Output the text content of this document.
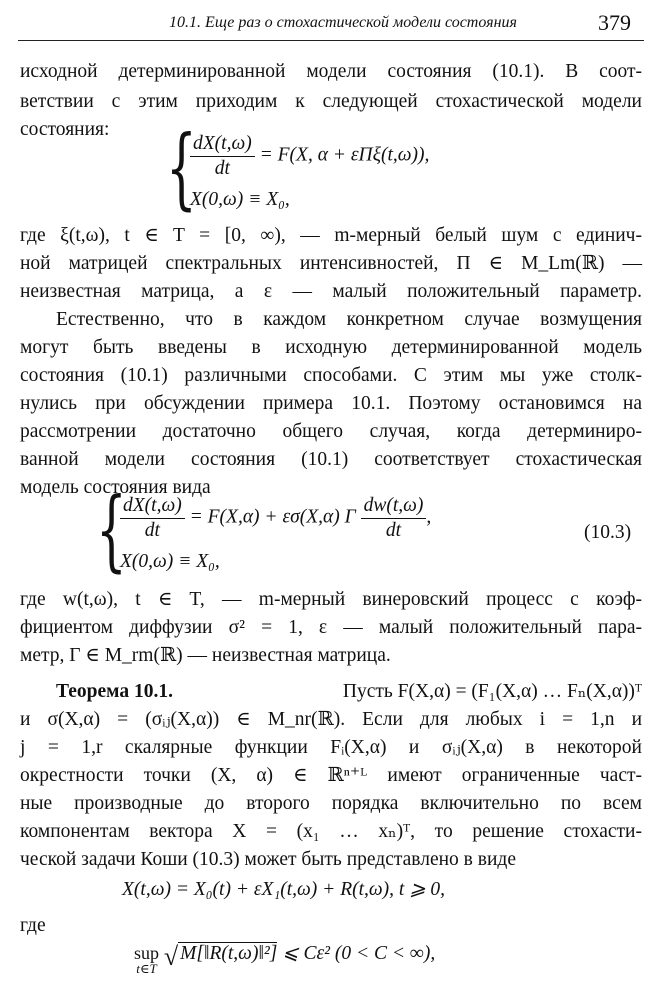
10.1. Еще раз о стохастической модели состояния	379
исходной детерминированной модели состояния (10.1). В соот-
ветствии с этим приходим к следующей стохастической модели
состояния: {
$\frac{dX(t,\omega)}{dt} = F(X$, α + εΠξ(t,ω)),
X(0,ω) ≡ X₀,
где ξ(t,ω), t ∈ T = [0, ∞), — m-мерный белый шум с единич-
ной матрицей спектральных интенсивностей, Π ∈ M_Lm(ℝ) —
неизвестная матрица, а ε — малый положительный параметр.
Естественно, что в каждом конкретном случае возмущения
могут быть введены в исходную детерминированной модель
состояния (10.1) различными способами. С этим мы уже столк-
нулись при обсуждении примера 10.1. Поэтому остановимся на
рассмотрении достаточно общего случая, когда детерминиро-
ванной модели состояния (10.1) соответствует стохастическая
модель состояния вида
{
$\frac{dX(t,\omega)}{dt} = F(X,\alpha) + \varepsilon\sigma(X,\alpha)$ Γ $\frac{dw(t,\omega)}{dt}$ ,
X(0,ω) ≡ X₀,
(10.3)
где w(t,ω), t ∈ T, — m-мерный винеровский процесс с коэф-
фициентом диффузии σ² = 1, ε — малый положительный пара-
метр, Γ ∈ M_rm(ℝ) — неизвестная матрица.
Теорема 10.1.	Пусть F(X,α) = (F₁(X,α) … Fₙ(X,α))ᵀ
и σ(X,α) = (σᵢⱼ(X,α)) ∈ M_nr(ℝ). Если для любых i = 1,n и
j = 1,r скалярные функции Fᵢ(X,α) и σᵢⱼ(X,α) в некоторой
окрестности точки (X, α) ∈ ℝⁿ⁺ᴸ имеют ограниченные част-
ные производные до второго порядка включительно по всем
компонентам вектора X = (x₁ … xₙ)ᵀ, то решение стохасти-
ческой задачи Коши (10.3) может быть представлено в виде
X(t,ω) = X₀(t) + εX₁(t,ω) + R(t,ω), t ⩾ 0,
где
sup
t∈T √ M[‖R(t,ω)‖²] ⩽ Cε² (0 < C < ∞),
